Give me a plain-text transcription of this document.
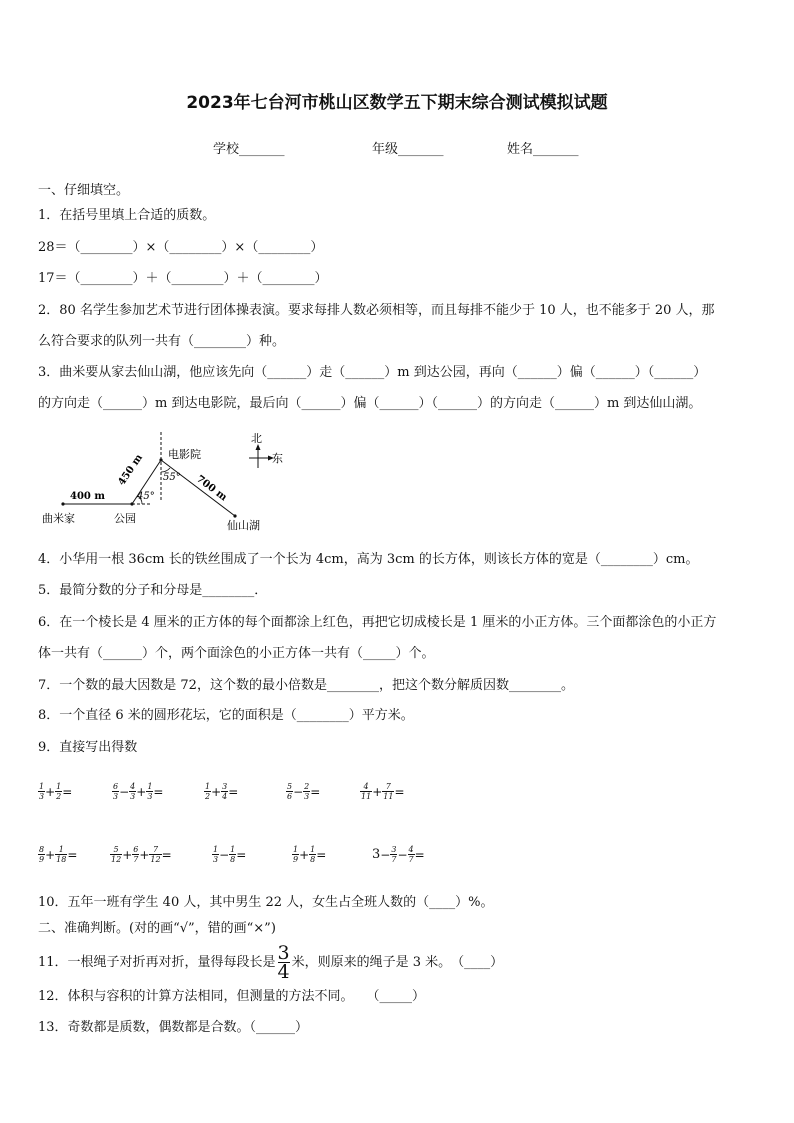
2023年七台河市桃山区数学五下期末综合测试模拟试题
学校_______	年级_______	姓名_______
一、仔细填空。
1．在括号里填上合适的质数。
28＝（________）×（________）×（________）
17＝（________）＋（________）＋（________）
2．80 名学生参加艺术节进行团体操表演。要求每排人数必须相等，而且每排不能少于 10 人，也不能多于 20 人，那
么符合要求的队列一共有（________）种。
3．曲米要从家去仙山湖，他应该先向（______）走（______）m 到达公园，再向（______）偏（______）（______）
的方向走（______）m 到达电影院，最后向（______）偏（______）（______）的方向走（______）m 到达仙山湖。
北
东
电影院
曲米家	公园
仙山湖
400 m
450 m
700 m
45°
55°
4．小华用一根 36cm 长的铁丝围成了一个长为 4cm，高为 3cm 的长方体，则该长方体的宽是（________）cm。
5．最简分数的分子和分母是________．
6．在一个棱长是 4 厘米的正方体的每个面都涂上红色，再把它切成棱长是 1 厘米的小正方体。三个面都涂色的小正方
体一共有（______）个，两个面涂色的小正方体一共有（_____）个。
7．一个数的最大因数是 72，这个数的最小倍数是________，把这个数分解质因数________。
8．一个直径 6 米的圆形花坛，它的面积是（________）平方米。
9．直接写出得数
$\frac{1}{3} + \frac{1}{2}$ =	$\frac{6}{3} - \frac{4}{3} + \frac{1}{3}$ =	$\frac{1}{2} + \frac{3}{4}$ =	$\frac{5}{6} - \frac{2}{3}$ =	$\frac{4}{11} + \frac{7}{11}$ =
$\frac{8}{9} + \frac{1}{18}$ =	$\frac{5}{12} + \frac{6}{7} + \frac{7}{12}$ =	$\frac{1}{3} - \frac{1}{8}$ =	$\frac{1}{9} + \frac{1}{8}$ =	$3- \frac{3}{7} - \frac{4}{7}$ =
10．五年一班有学生 40 人，其中男生 22 人，女生占全班人数的（____）%。
二、准确判断。(对的画“√”，错的画“×”)
11．一根绳子对折再对折，量得每段长是 $\frac{3}{4}$ 米，则原来的绳子是 3 米。　（____）
12．体积与容积的计算方法相同，但测量的方法不同。　　（_____）
13．奇数都是质数，偶数都是合数。（______）
